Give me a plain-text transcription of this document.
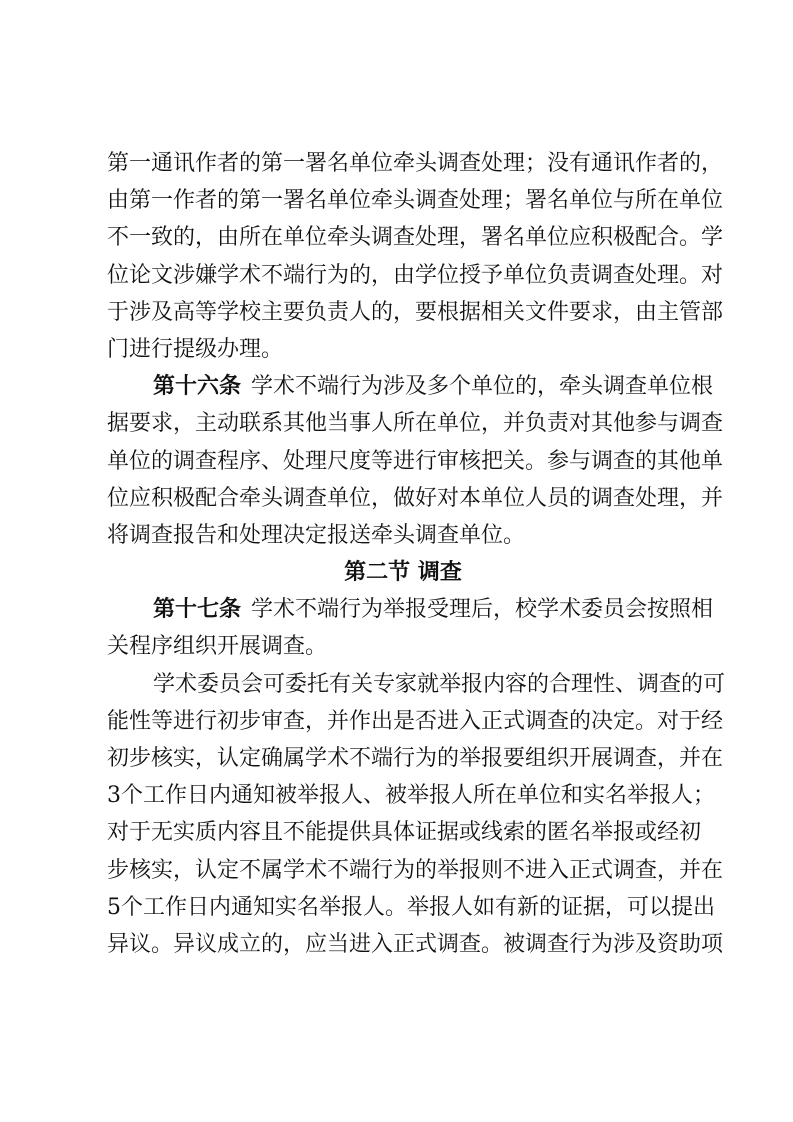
第一通讯作者的第一署名单位牵头调查处理；没有通讯作者的，
由第一作者的第一署名单位牵头调查处理；署名单位与所在单位
不一致的，由所在单位牵头调查处理，署名单位应积极配合。学
位论文涉嫌学术不端行为的，由学位授予单位负责调查处理。对
于涉及高等学校主要负责人的，要根据相关文件要求，由主管部
门进行提级办理。
第十六条 学术不端行为涉及多个单位的，牵头调查单位根
据要求，主动联系其他当事人所在单位，并负责对其他参与调查
单位的调查程序、处理尺度等进行审核把关。参与调查的其他单
位应积极配合牵头调查单位，做好对本单位人员的调查处理，并
将调查报告和处理决定报送牵头调查单位。
第二节 调查
第十七条 学术不端行为举报受理后，校学术委员会按照相
关程序组织开展调查。
学术委员会可委托有关专家就举报内容的合理性、调查的可
能性等进行初步审查，并作出是否进入正式调查的决定。对于经
初步核实，认定确属学术不端行为的举报要组织开展调查，并在
3个工作日内通知被举报人、被举报人所在单位和实名举报人；
对于无实质内容且不能提供具体证据或线索的匿名举报或经初
步核实，认定不属学术不端行为的举报则不进入正式调查，并在
5个工作日内通知实名举报人。举报人如有新的证据，可以提出
异议。异议成立的，应当进入正式调查。被调查行为涉及资助项
